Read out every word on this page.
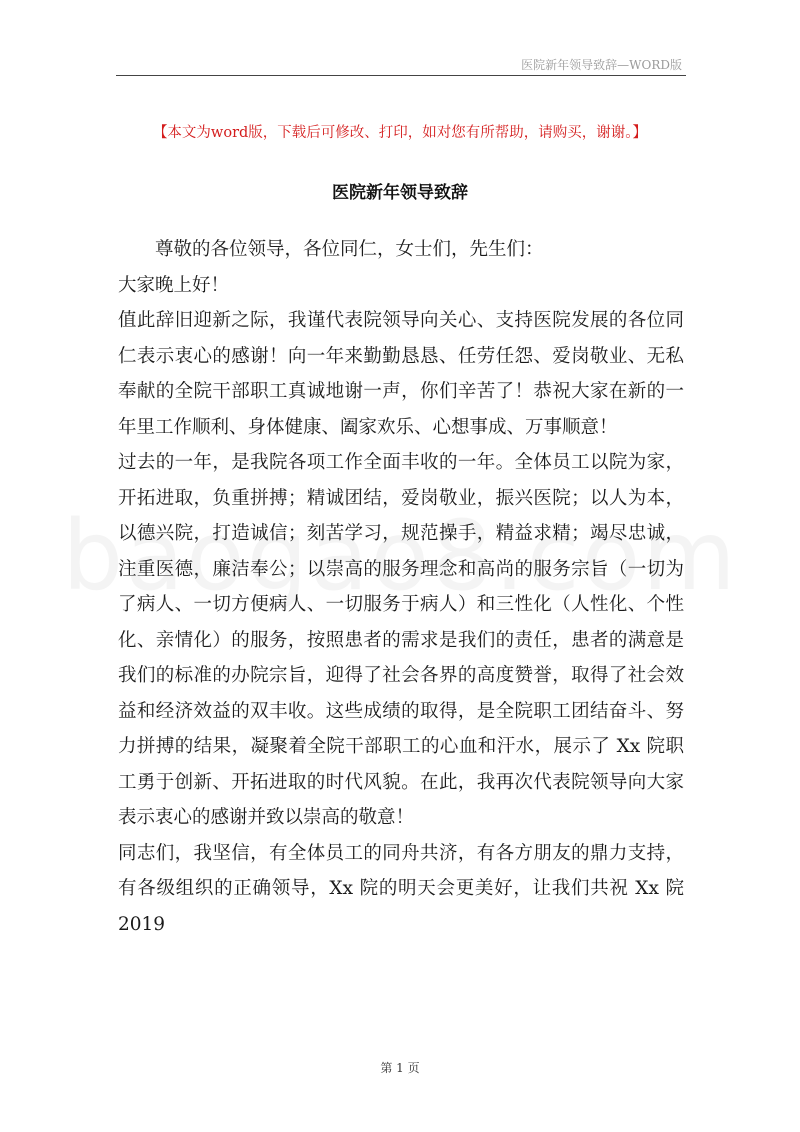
医院新年领导致辞—WORD版
【本文为word版，下载后可修改、打印，如对您有所帮助，请购买，谢谢。】
医院新年领导致辞

尊敬的各位领导，各位同仁，女士们，先生们：

大家晚上好！

值此辞旧迎新之际，我谨代表院领导向关心、支持医院发展的各位同仁表示衷心的感谢！向一年来勤勤恳恳、任劳任怨、爱岗敬业、无私奉献的全院干部职工真诚地谢一声，你们辛苦了！恭祝大家在新的一年里工作顺利、身体健康、阖家欢乐、心想事成、万事顺意！

过去的一年，是我院各项工作全面丰收的一年。全体员工以院为家，开拓进取，负重拼搏；精诚团结，爱岗敬业，振兴医院；以人为本，以德兴院，打造诚信；刻苦学习，规范操手，精益求精；竭尽忠诚，注重医德，廉洁奉公；以崇高的服务理念和高尚的服务宗旨（一切为了病人、一切方便病人、一切服务于病人）和三性化（人性化、个性化、亲情化）的服务，按照患者的需求是我们的责任，患者的满意是我们的标准的办院宗旨，迎得了社会各界的高度赞誉，取得了社会效益和经济效益的双丰收。这些成绩的取得，是全院职工团结奋斗、努力拼搏的结果，凝聚着全院干部职工的心血和汗水，展示了 Xx 院职工勇于创新、开拓进取的时代风貌。在此，我再次代表院领导向大家表示衷心的感谢并致以崇高的敬意！

同志们，我坚信，有全体员工的同舟共济，有各方朋友的鼎力支持，有各级组织的正确领导，Xx 院的明天会更美好，让我们共祝 Xx 院 2019

第 1 页
